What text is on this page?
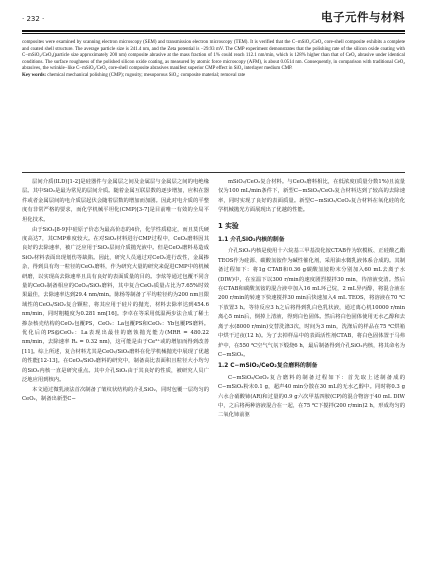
· 232 ·	电子元件与材料

composites were examined by scanning electron microscopy (SEM) and transmission electron microscopy (TEM). It is verified that the C−mSiO₂/CeO₂ core-shell composite exhibits a complete and coated shell structure. The average particle size is 241.4 nm, and the Zeta potential is −29.93 mV. The CMP experiment demonstrates that the polishing rate of the silicon oxide coating with C−mSiO₂/CeO₂(particle size approximately 200 nm) composite abrasive at the mass fraction of 1% could reach 112.1 nm/min, which is 128% higher than that of CeO₂ abrasive under identical conditions. The surface roughness of the polished silicon oxide coating, as measured by atomic force microscopy (AFM), is about 0.0514 nm. Consequently, in comparison with traditional CeO₂ abrasives, the wrinkle−like C−mSiO₂/CeO₂ core-shell composite abrasives manifest superior CMP effect in SiO₂ interlayer medium CMP.

Key words: chemical mechanical polishing (CMP); rugosity; mesoporous SiO₂; composite material; removal rate

层间介质(ILD)[1-2]是硅器件与金属层之间及金属层与金属层之间的电绝缘层。其中SiO₂是最为常见的层间介质。随着金属互联层数的逐步增加，应积在器件或者金属层间的电介质层起伏会随着层数的增加而加剧。因此对电介质的平整度有非常严格的要求，而化学机械平坦化(CMP)[3-7]是目前唯一有效的全局平坦化技术。

由于SiO₂[8-9]中硅原子价态为最高价态的4价，化学性质稳定，而且莫氏硬度高达7，其CMP难度较大。在对SiO₂材料进行CMP过程中，CeO₂磨料因其良好的去除速率，被广泛应用于SiO₂层间介质抛光液中。但是CeO₂磨料易造成SiO₂材料表面出现划伤等缺陷。因此，研究人员通过对CeO₂进行改性，金属掺杂，得到具有均一粒径的CeO₂磨料，作为研究大量的研究来促进CMP中的机械研磨，以实现高去除速率且具有良好的表面质量的目的。李炫等通过包覆不同含量的CeO₂制备相应的CeO₂/SiO₂磨料，其中复合CeO₂质量占比为7.65%时效果最佳，去除速率达到29.4 nm/min。陈杨等制备了平均粒径约为200 nm且限域性的CeO₂/SiO₂复合颗粒，将其应用于硅片的抛光，材料去除率达到454.6 nm/min，同时粗糙度为0.281 nm[16]。李卓在等采用低温两步法合成了稀土掺杂核壳结构的CeO₂包覆PS，CeO₂：La包覆PS和CeO₂：Yb包覆PS磨料。优化后的PS@CeO₂：La表现出最佳的磨蚀抛光能力(MRR = 480.22 nm/min，去除速率 Rₐ = 0.32 nm)，这可能是由于Ce³⁺或的增加而得到改善[11]。综上所述，复合材料尤其是CeO₂/SiO₂磨料在化学机械抛光中展现了优越的性能[12-13]。在CeO₂/SiO₂磨料的研究中，制备高比表面积且粒径大小均匀的SiO₂内核一直是研究重点。其中介孔SiO₂由于其良好的性质，被研究人员广泛地应用到核内。

本文通过微乳液法首次制备了皱纹状结构的介孔SiO₂，同时包覆一层均匀的CeO₂，制备出新型C−

mSiO₂/CeO₂复合材料。与CeO₂磨料相比，在低浓度(质量分数1%)且流量仅为100 mL/min条件下，新型C−mSiO₂/CeO₂复合材料达到了较高的去除速率，同时实现了良好的表面质量。新型C−mSiO₂/CeO₂复合材料在氧化硅的化学机械抛光方面展现出了优越的性能。

1 实验
1.1 介孔SiO₂内核的制备

介孔SiO₂内核是使用十六烷基三甲基溴化铵CTAB作为软模板、正硅酸乙酯TEOS作为硅源、碳酸氢铵作为碱性催化剂，采用油水微乳液体系合成的。其制备过程如下：将1g CTAB和0.36 g碳酸氢铵粉末分别加入60 mL去离子水(DIW)中，在室温下以300 r/min的速度剧烈搅拌30 min，待溶液变清。然后在CTAB和碳酸氢铵的混合液中加入16 mL环己烷，2 mL异丙醇，将混合液在200 r/min的转速下快速搅拌30 min后快速加入4 mL TEOS，将溶液在70 ℃下放置3 h。等待反应3 h之后将得到乳白色乳状液，通过离心机10000 r/min离心5 min后，倒掉上清液，得到白色固体。然后将白色固体使用无水乙醇和去离子水(8000 r/min)交替洗涤3次，时间为3 min，洗涤后的样品在75 ℃烘箱中烘干过夜(12 h)。为了去掉样品中的表面活性剂CTAB，将白色固体置于马弗炉中，在550 ℃空气气氛下煅烧6 h，最后制备得到介孔SiO₂内核，将其命名为C−mSiO₂。

1.2 C−mSiO₂/CeO₂复合磨料的制备

C−mSiO₂/CeO₂复合磨料的制备过程如下：首先取上述制备成的C−mSiO₂粉末0.1 g，超声40 min分散在30 mL的无水乙醇中。同时将0.3 g六水合硝酸铈(AR)和过量的0.9 g六次甲基四胺(CP)的混合物溶于40 mL DIW中，之后将两种溶液混合在一起，在75 ℃下搅拌(200 r/min)2 h，形成均匀的二氧化铈前驱
